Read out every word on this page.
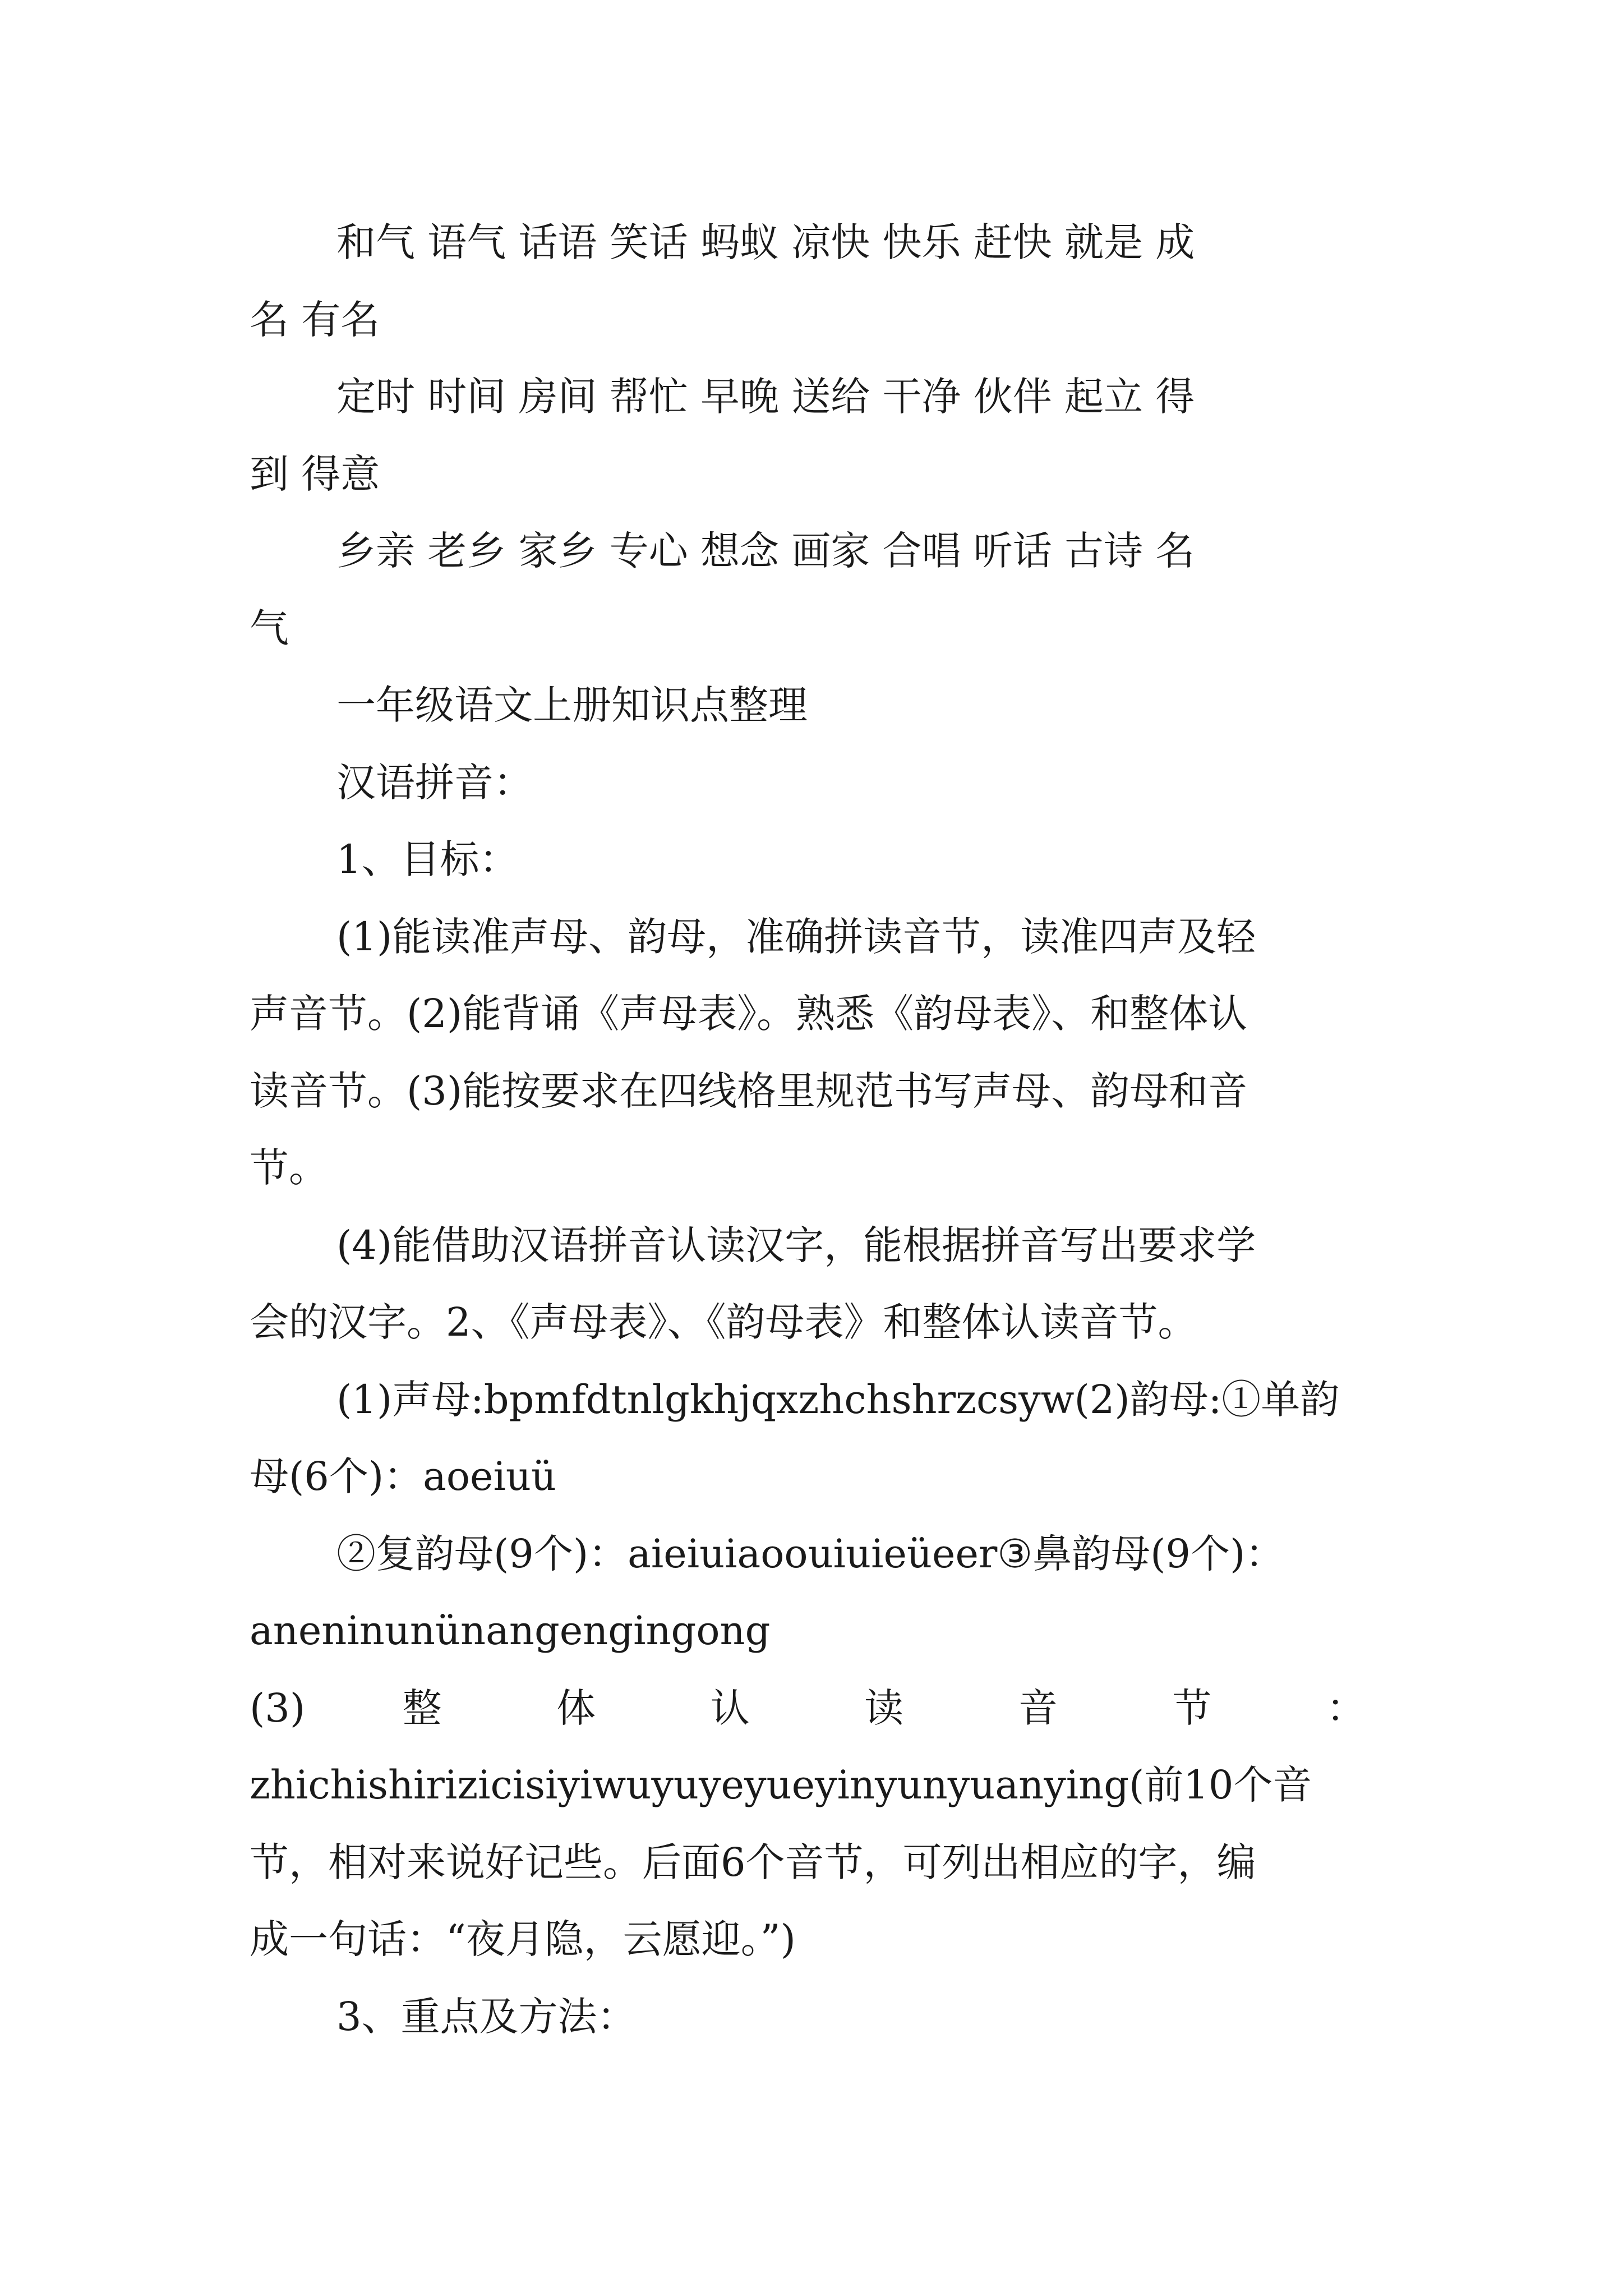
和气 语气 话语 笑话 蚂蚁 凉快 快乐 赶快 就是 成

名 有名

定时 时间 房间 帮忙 早晚 送给 干净 伙伴 起立 得

到 得意

乡亲 老乡 家乡 专心 想念 画家 合唱 听话 古诗 名

气

一年级语文上册知识点整理

汉语拼音：

1、目标：

(1)能读准声母、韵母，准确拼读音节，读准四声及轻

声音节。(2)能背诵《声母表》。熟悉《韵母表》、和整体认

读音节。(3)能按要求在四线格里规范书写声母、韵母和音

节。

(4)能借助汉语拼音认读汉字，能根据拼音写出要求学

会的汉字。2、《声母表》、《韵母表》和整体认读音节。

(1)声母:bpmfdtnlgkhjqxzhchshrzcsyw(2)韵母:①单韵

母(6个)：aoeiuü

②复韵母(9个)：aieiuiaoouiuieüeer③鼻韵母(9个)：

aneninunünangengingong

(3) 整 体 认 读 音 节 ：

zhichishirizicisiyiwuyuyeyueyinyunyuanying(前10个音

节，相对来说好记些。后面6个音节，可列出相应的字，编

成一句话：“夜月隐，云愿迎。”)

3、重点及方法：
